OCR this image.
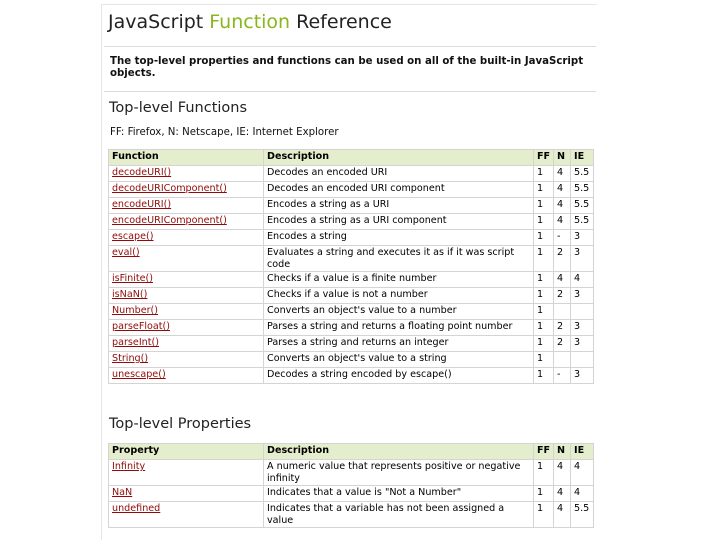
JavaScript Function Reference

The top-level properties and functions can be used on all of the built-in JavaScript objects.

Top-level Functions

FF: Firefox, N: Netscape, IE: Internet Explorer

Function	Description	FF	N	IE
decodeURI()	Decodes an encoded URI	1	4	5.5
decodeURIComponent()	Decodes an encoded URI component	1	4	5.5
encodeURI()	Encodes a string as a URI	1	4	5.5
encodeURIComponent()	Encodes a string as a URI component	1	4	5.5
escape()	Encodes a string	1	-	3
eval()	Evaluates a string and executes it as if it was script code	1	2	3
isFinite()	Checks if a value is a finite number	1	4	4
isNaN()	Checks if a value is not a number	1	2	3
Number()	Converts an object's value to a number	1		
parseFloat()	Parses a string and returns a floating point number	1	2	3
parseInt()	Parses a string and returns an integer	1	2	3
String()	Converts an object's value to a string	1		
unescape()	Decodes a string encoded by escape()	1	-	3
Top-level Properties
Property	Description	FF	N	IE
Infinity	A numeric value that represents positive or negative infinity	1	4	4
NaN	Indicates that a value is "Not a Number"	1	4	4
undefined	Indicates that a variable has not been assigned a value	1	4	5.5
